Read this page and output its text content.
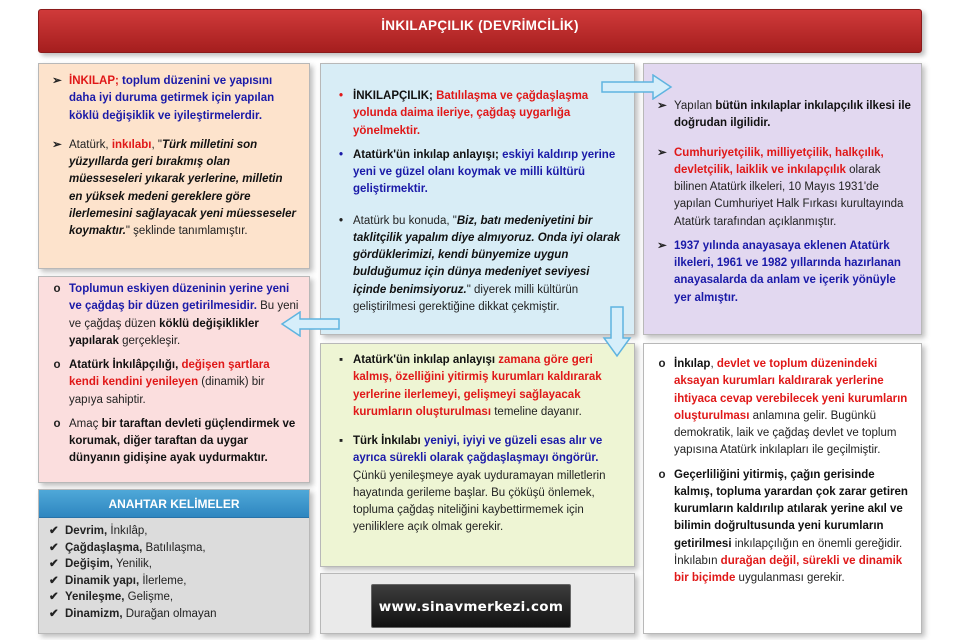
İNKILAPÇILIK (DEVRİMCİLİK)
➢ İNKILAP; toplum düzenini ve yapısını daha iyi duruma getirmek için yapılan köklü değişiklik ve iyileştirmelerdir.
➢ Atatürk, inkılabı, "Türk milletini son yüzyıllarda geri bırakmış olan müesseseleri yıkarak yerlerine, milletin en yüksek medeni gereklere göre ilerlemesini sağlayacak yeni müesseseler koymaktır." şeklinde tanımlamıştır.
• İNKILAPÇILIK; Batılılaşma ve çağdaşlaşma yolunda daima ileriye, çağdaş uygarlığa yönelmektir.
• Atatürk'ün inkılap anlayışı; eskiyi kaldırıp yerine yeni ve güzel olanı koymak ve milli kültürü geliştirmektir.
• Atatürk bu konuda, "Biz, batı medeniyetini bir taklitçilik yapalım diye almıyoruz. Onda iyi olarak gördüklerimizi, kendi bünyemize uygun bulduğumuz için dünya medeniyet seviyesi içinde benimsiyoruz." diyerek milli kültürün geliştirilmesi gerektiğine dikkat çekmiştir.
➢ Yapılan bütün inkılaplar inkılapçılık ilkesi ile doğrudan ilgilidir.
➢ Cumhuriyetçilik, milliyetçilik, halkçılık, devletçilik, laiklik ve inkılapçılık olarak bilinen Atatürk ilkeleri, 10 Mayıs 1931'de yapılan Cumhuriyet Halk Fırkası kurultayında Atatürk tarafından açıklanmıştır.
➢ 1937 yılında anayasaya eklenen Atatürk ilkeleri, 1961 ve 1982 yıllarında hazırlanan anayasalarda da anlam ve içerik yönüyle yer almıştır.
o Toplumun eskiyen düzeninin yerine yeni ve çağdaş bir düzen getirilmesidir. Bu yeni ve çağdaş düzen köklü değişiklikler yapılarak gerçekleşir.
o Atatürk İnkılâpçılığı, değişen şartlara kendi kendini yenileyen (dinamik) bir yapıya sahiptir.
o Amaç bir taraftan devleti güçlendirmek ve korumak, diğer taraftan da uygar dünyanın gidişine ayak uydurmaktır.
ANAHTAR KELİMELER
✔ Devrim, İnkılâp,
✔ Çağdaşlaşma, Batılılaşma,
✔ Değişim, Yenilik,
✔ Dinamik yapı, İlerleme,
✔ Yenileşme, Gelişme,
✔ Dinamizm, Durağan olmayan
▪ Atatürk'ün inkılap anlayışı zamana göre geri kalmış, özelliğini yitirmiş kurumları kaldırarak yerlerine ilerlemeyi, gelişmeyi sağlayacak kurumların oluşturulması temeline dayanır.
▪ Türk İnkılabı yeniyi, iyiyi ve güzeli esas alır ve ayrıca sürekli olarak çağdaşlaşmayı öngörür. Çünkü yenileşmeye ayak uyduramayan milletlerin hayatında gerileme başlar. Bu çöküşü önlemek, topluma çağdaş niteliğini kaybettirmemek için yeniliklere açık olmak gerekir.
www.sinavmerkezi.com
o İnkılap, devlet ve toplum düzenindeki aksayan kurumları kaldırarak yerlerine ihtiyaca cevap verebilecek yeni kurumların oluşturulması anlamına gelir. Bugünkü demokratik, laik ve çağdaş devlet ve toplum yapısına Atatürk inkılapları ile geçilmiştir.
o Geçerliliğini yitirmiş, çağın gerisinde kalmış, topluma yarardan çok zarar getiren kurumların kaldırılıp atılarak yerine akıl ve bilimin doğrultusunda yeni kurumların getirilmesi inkılapçılığın en önemli gereğidir. İnkılabın durağan değil, sürekli ve dinamik bir biçimde uygulanması gerekir.
